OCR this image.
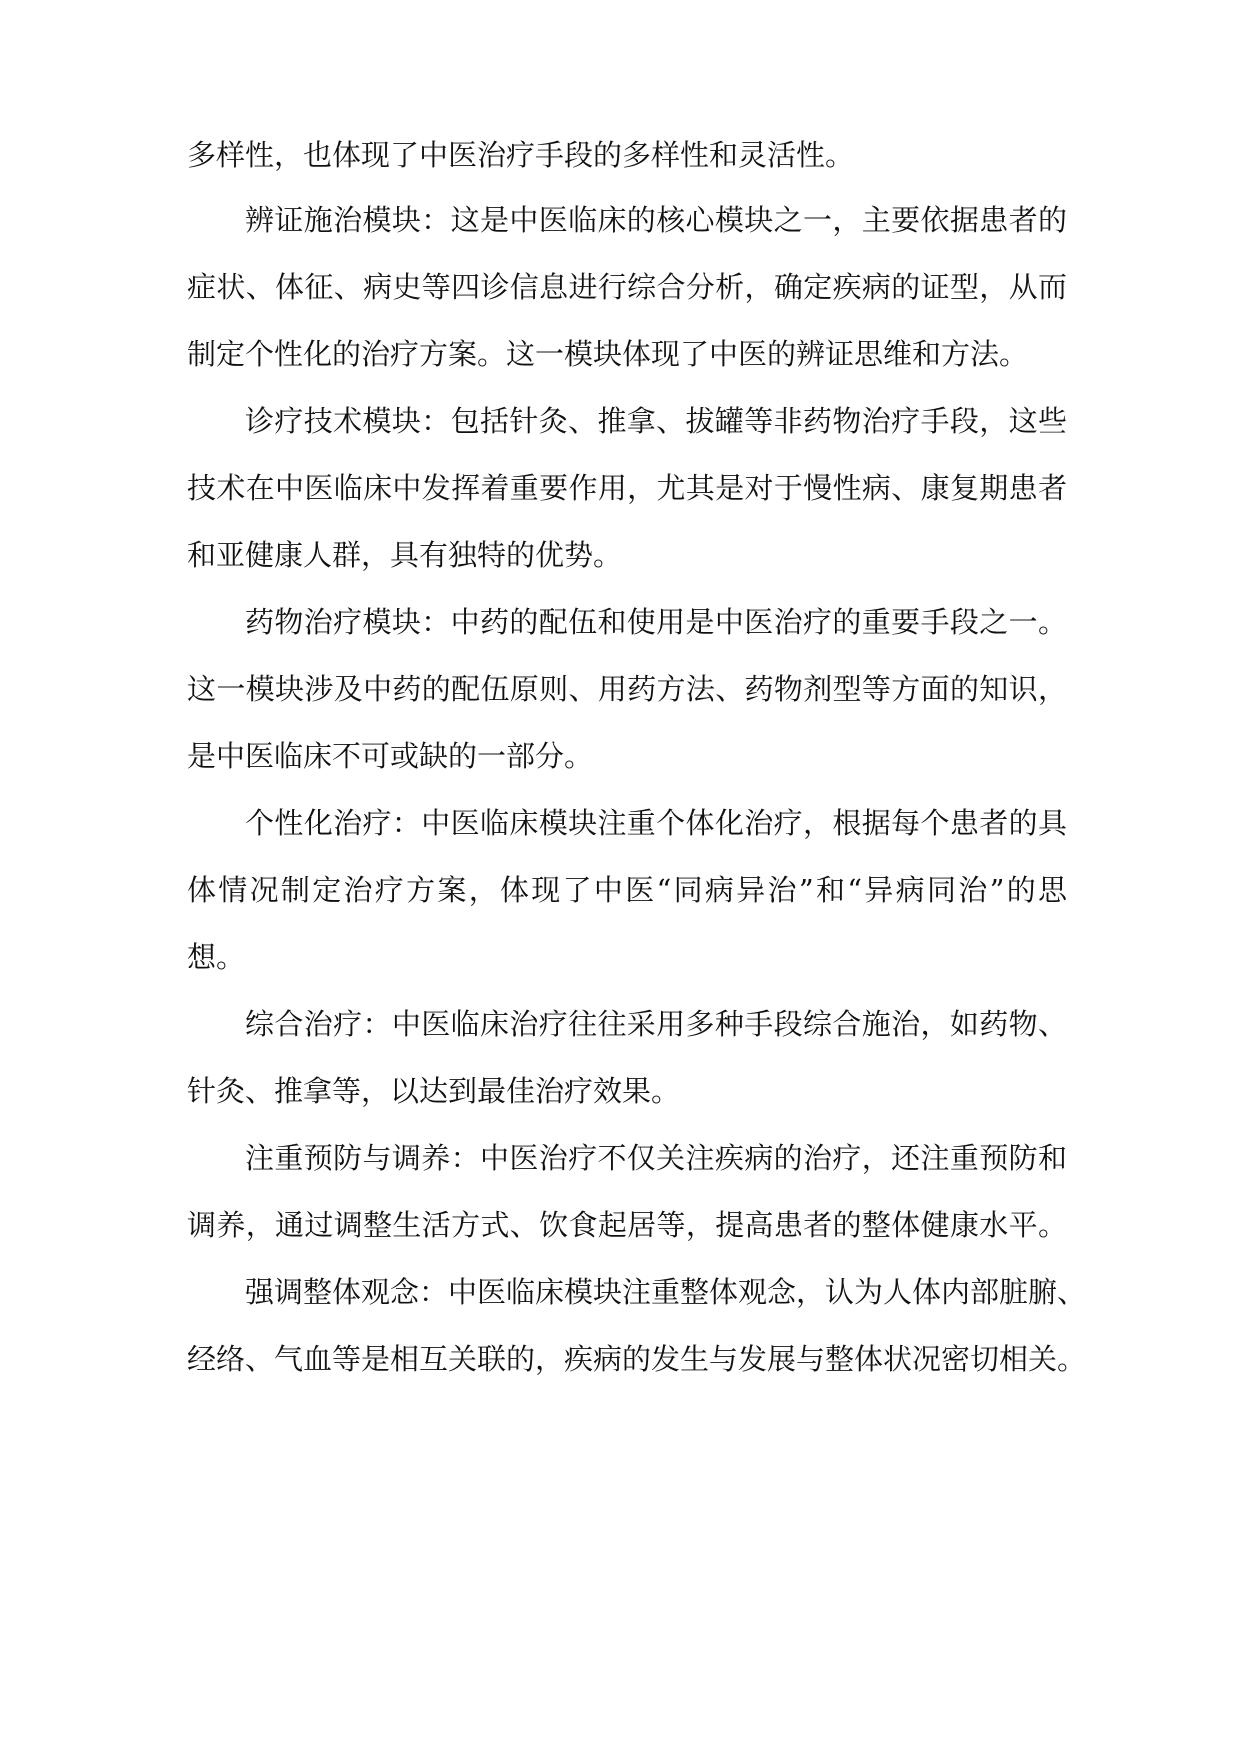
多样性，也体现了中医治疗手段的多样性和灵活性。
辨证施治模块：这是中医临床的核心模块之一，主要依据患者的
症状、体征、病史等四诊信息进行综合分析，确定疾病的证型，从而
制定个性化的治疗方案。这一模块体现了中医的辨证思维和方法。
诊疗技术模块：包括针灸、推拿、拔罐等非药物治疗手段，这些
技术在中医临床中发挥着重要作用，尤其是对于慢性病、康复期患者
和亚健康人群，具有独特的优势。
药物治疗模块：中药的配伍和使用是中医治疗的重要手段之一。
这一模块涉及中药的配伍原则、用药方法、药物剂型等方面的知识，
是中医临床不可或缺的一部分。
个性化治疗：中医临床模块注重个体化治疗，根据每个患者的具
体情况制定治疗方案，体现了中医“同病异治”和“异病同治”的思
想。
综合治疗：中医临床治疗往往采用多种手段综合施治，如药物、
针灸、推拿等，以达到最佳治疗效果。
注重预防与调养：中医治疗不仅关注疾病的治疗，还注重预防和
调养，通过调整生活方式、饮食起居等，提高患者的整体健康水平。
强调整体观念：中医临床模块注重整体观念，认为人体内部脏腑、
经络、气血等是相互关联的，疾病的发生与发展与整体状况密切相关。
